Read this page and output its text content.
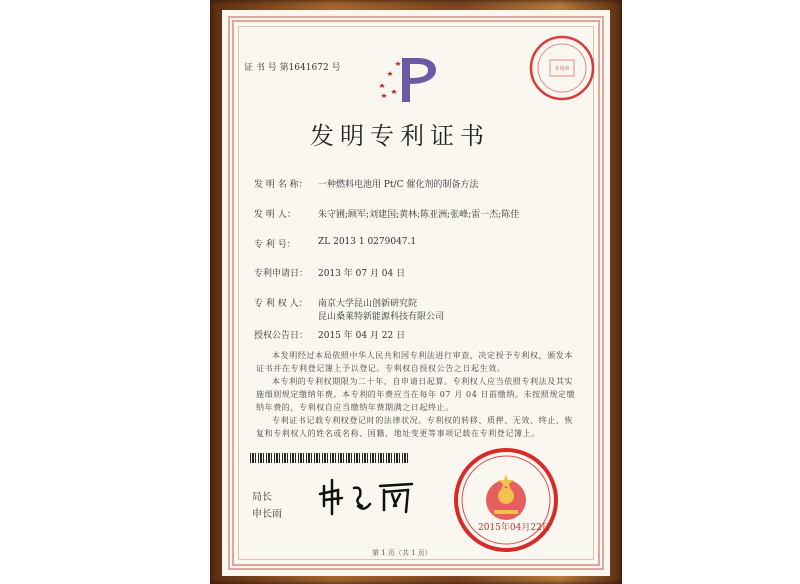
证 书 号 第1641672 号	专用章
发明专利证书
发 明 名 称： 一种燃料电池用 Pt/C 催化剂的制备方法
发 明 人： 朱守圃;顾军;刘建国;黄林;陈亚洲;张峰;雷一杰;陈佳
专 利 号： ZL 2013 1 0279047.1
专利申请日： 2013 年 07 月 04 日
专 利 权 人： 南京大学昆山创新研究院
昆山桑莱特新能源科技有限公司
授权公告日： 2015 年 04 月 22 日
本发明经过本局依照中华人民共和国专利法进行审查，决定授予专利权，颁发本证书并在专利登记簿上予以登记。专利权自授权公告之日起生效。
本专利的专利权期限为二十年，自申请日起算。专利权人应当依照专利法及其实施细则规定缴纳年费。本专利的年费应当在每年 07 月 04 日前缴纳。未按照规定缴纳年费的，专利权自应当缴纳年费期满之日起终止。
专利证书记载专利权登记时的法律状况。专利权的转移、质押、无效、终止、恢复和专利权人的姓名或名称、国籍、地址变更等事项记载在专利登记簿上。
局长
申长雨
2015年04月22日
第 1 页（共 1 页）
